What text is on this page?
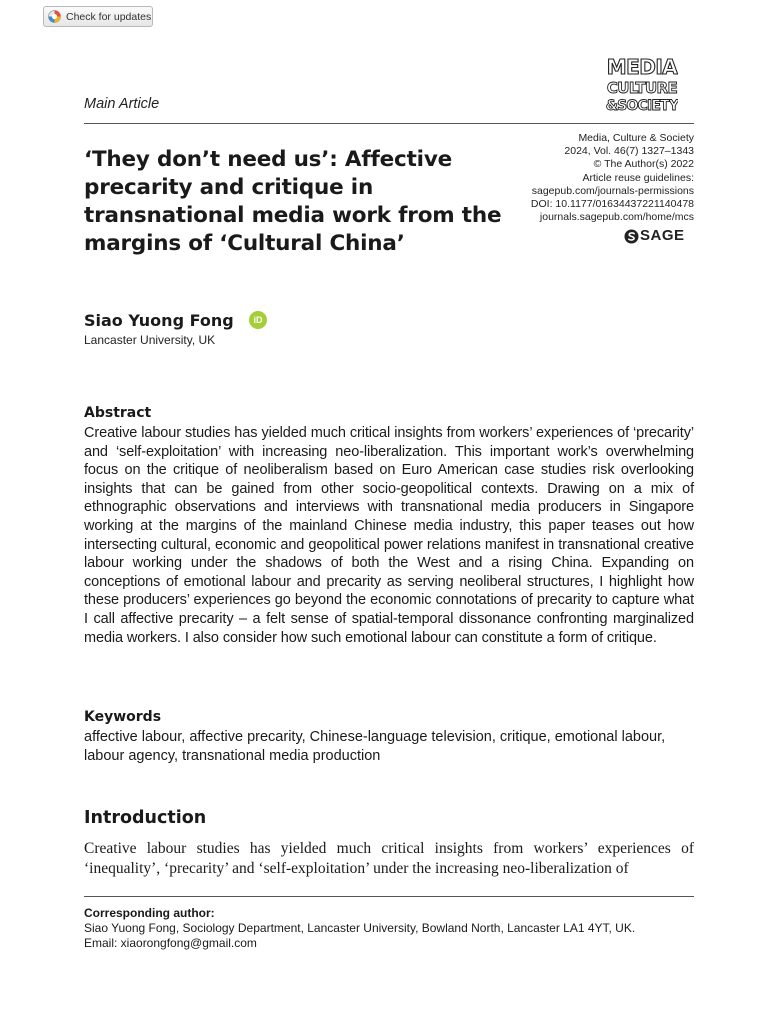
Check for updates
MEDIA
CULTURE
&SOCIETY
Main Article
‘They don’t need us’: Affective precarity and critique in transnational media work from the margins of ‘Cultural China’
Media, Culture & Society
2024, Vol. 46(7) 1327–1343
© The Author(s) 2022
Article reuse guidelines:
sagepub.com/journals-permissions
DOI: 10.1177/01634437221140478
journals.sagepub.com/home/mcs
SAGE
Siao Yuong Fong	iD
Lancaster University, UK
Abstract
Creative labour studies has yielded much critical insights from workers’ experiences of ‘precarity’ and ‘self-exploitation’ with increasing neo-liberalization. This important work’s overwhelming focus on the critique of neoliberalism based on Euro American case studies risk overlooking insights that can be gained from other socio-geopolitical contexts. Drawing on a mix of ethnographic observations and interviews with transnational media producers in Singapore working at the margins of the mainland Chinese media industry, this paper teases out how intersecting cultural, economic and geopolitical power relations manifest in transnational creative labour working under the shadows of both the West and a rising China. Expanding on conceptions of emotional labour and precarity as serving neoliberal structures, I highlight how these producers’ experiences go beyond the economic connotations of precarity to capture what I call affective precarity – a felt sense of spatial-temporal dissonance confronting marginalized media workers. I also consider how such emotional labour can constitute a form of critique.
Keywords
affective labour, affective precarity, Chinese-language television, critique, emotional labour, labour agency, transnational media production
Introduction
Creative labour studies has yielded much critical insights from workers’ experiences of ‘inequality’, ‘precarity’ and ‘self-exploitation’ under the increasing neo-liberalization of
Corresponding author:
Siao Yuong Fong, Sociology Department, Lancaster University, Bowland North, Lancaster LA1 4YT, UK.
Email: xiaorongfong@gmail.com
